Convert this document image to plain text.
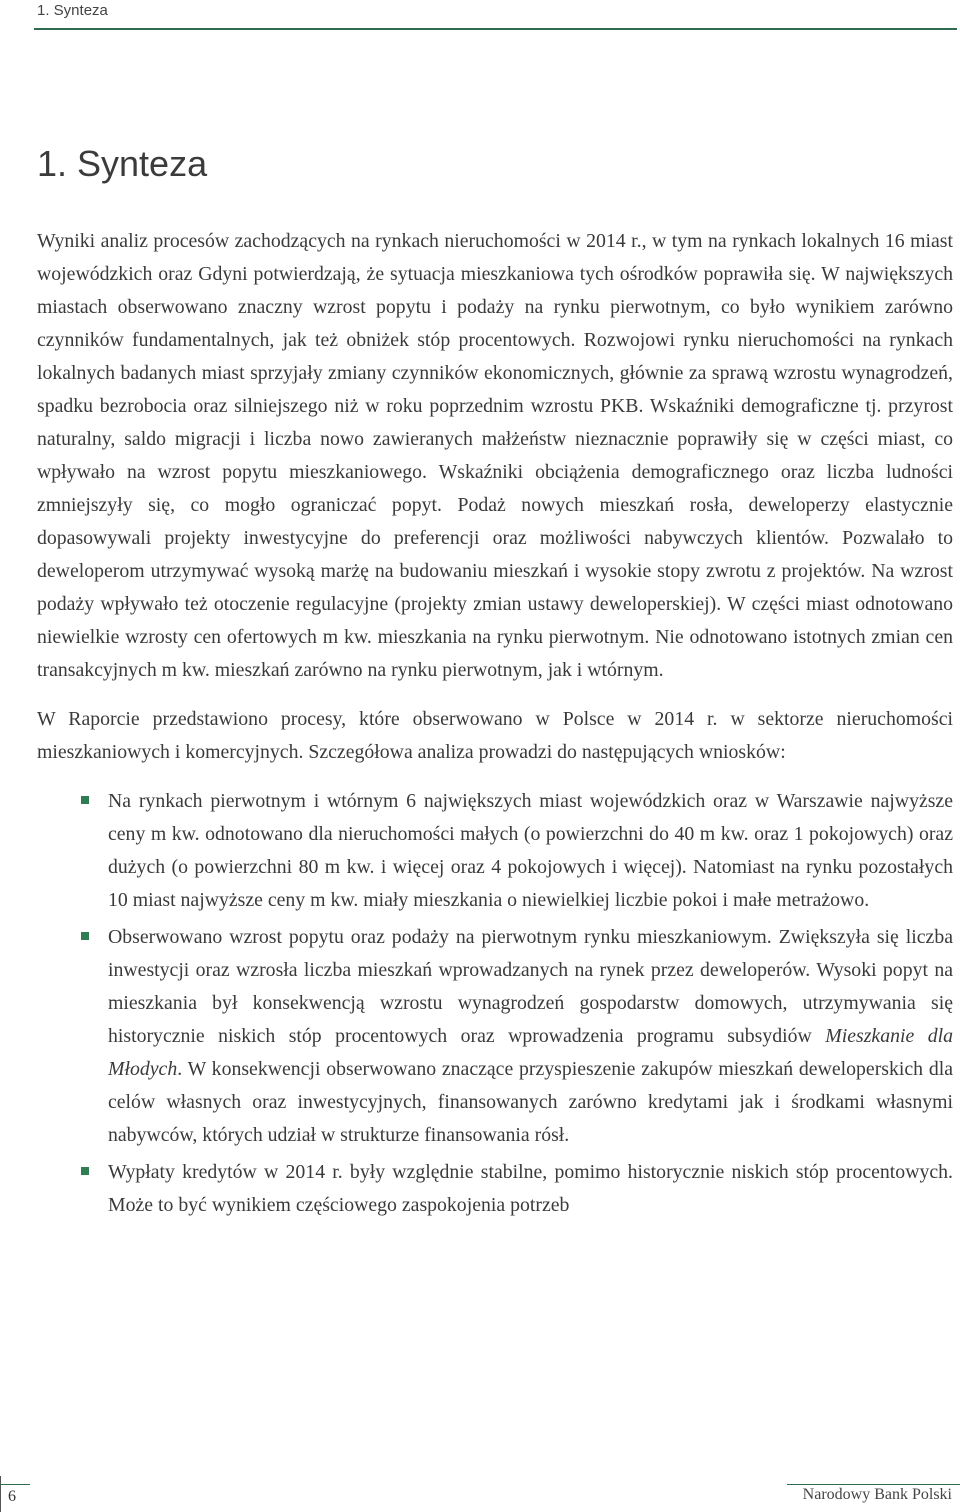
1. Synteza
1. Synteza

Wyniki analiz procesów zachodzących na rynkach nieruchomości w 2014 r., w tym na rynkach lokalnych 16 miast wojewódzkich oraz Gdyni potwierdzają, że sytuacja mieszkaniowa tych ośrodków poprawiła się. W największych miastach obserwowano znaczny wzrost popytu i podaży na rynku pierwotnym, co było wynikiem zarówno czynników fundamentalnych, jak też obniżek stóp procentowych. Rozwojowi rynku nieruchomości na rynkach lokalnych badanych miast sprzyjały zmiany czynników ekonomicznych, głównie za sprawą wzrostu wynagrodzeń, spadku bezrobocia oraz silniejszego niż w roku poprzednim wzrostu PKB. Wskaźniki demograficzne tj. przyrost naturalny, saldo migracji i liczba nowo zawieranych małżeństw nieznacznie poprawiły się w części miast, co wpływało na wzrost popytu mieszkaniowego. Wskaźniki obciążenia demograficznego oraz liczba ludności zmniejszyły się, co mogło ograniczać popyt. Podaż nowych mieszkań rosła, deweloperzy elastycznie dopasowywali projekty inwestycyjne do preferencji oraz możliwości nabywczych klientów. Pozwalało to deweloperom utrzymywać wysoką marżę na budowaniu mieszkań i wysokie stopy zwrotu z projektów. Na wzrost podaży wpływało też otoczenie regulacyjne (projekty zmian ustawy deweloperskiej). W części miast odnotowano niewielkie wzrosty cen ofertowych m kw. mieszkania na rynku pierwotnym. Nie odnotowano istotnych zmian cen transakcyjnych m kw. mieszkań zarówno na rynku pierwotnym, jak i wtórnym.

W Raporcie przedstawiono procesy, które obserwowano w Polsce w 2014 r. w sektorze nieruchomości mieszkaniowych i komercyjnych. Szczegółowa analiza prowadzi do następujących wniosków:

Na rynkach pierwotnym i wtórnym 6 największych miast wojewódzkich oraz w Warszawie najwyższe ceny m kw. odnotowano dla nieruchomości małych (o powierzchni do 40 m kw. oraz 1 pokojowych) oraz dużych (o powierzchni 80 m kw. i więcej oraz 4 pokojowych i więcej). Natomiast na rynku pozostałych 10 miast najwyższe ceny m kw. miały mieszkania o niewielkiej liczbie pokoi i małe metrażowo.
Obserwowano wzrost popytu oraz podaży na pierwotnym rynku mieszkaniowym. Zwiększyła się liczba inwestycji oraz wzrosła liczba mieszkań wprowadzanych na rynek przez deweloperów. Wysoki popyt na mieszkania był konsekwencją wzrostu wynagrodzeń gospodarstw domowych, utrzymywania się historycznie niskich stóp procentowych oraz wprowadzenia programu subsydiów Mieszkanie dla Młodych. W konsekwencji obserwowano znaczące przyspieszenie zakupów mieszkań deweloperskich dla celów własnych oraz inwestycyjnych, finansowanych zarówno kredytami jak i środkami własnymi nabywców, których udział w strukturze finansowania rósł.
Wypłaty kredytów w 2014 r. były względnie stabilne, pomimo historycznie niskich stóp procentowych. Może to być wynikiem częściowego zaspokojenia potrzeb
6	Narodowy Bank Polski
